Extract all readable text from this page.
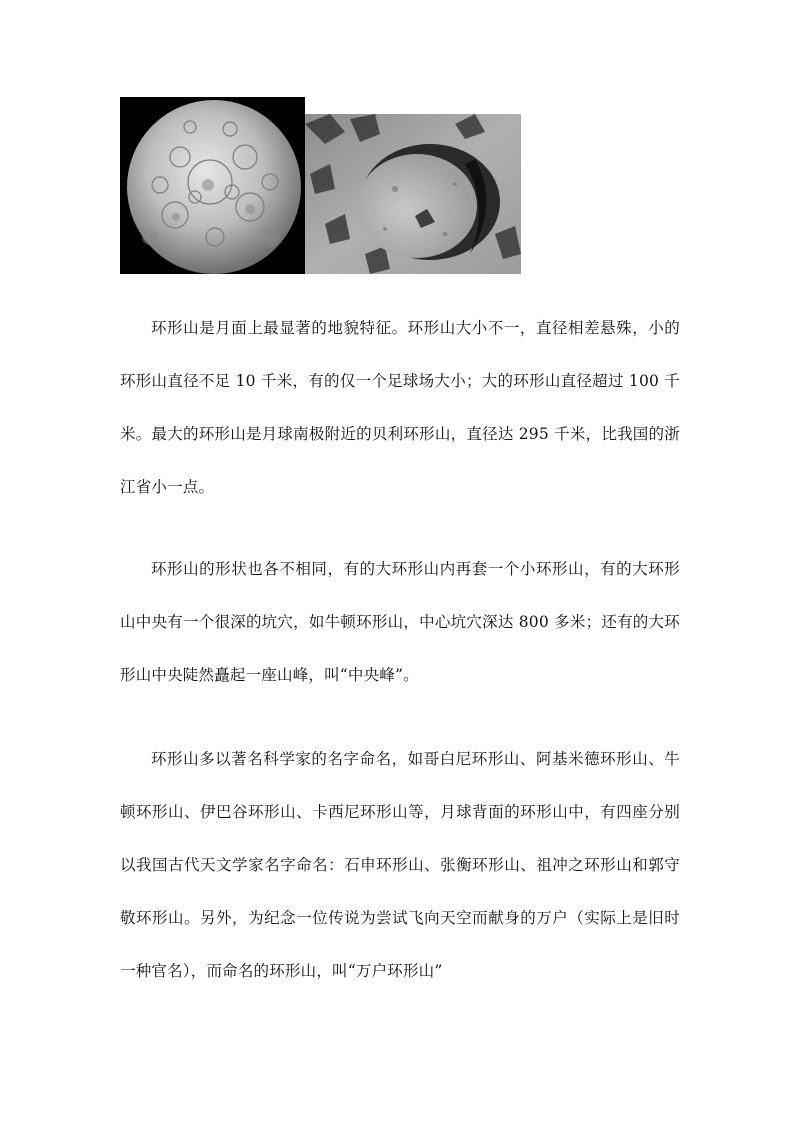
环形山是月面上最显著的地貌特征。环形山大小不一，直径相差悬殊，小的环形山直径不足 10 千米，有的仅一个足球场大小；大的环形山直径超过 100 千米。最大的环形山是月球南极附近的贝利环形山，直径达 295 千米，比我国的浙江省小一点。

环形山的形状也各不相同，有的大环形山内再套一个小环形山，有的大环形山中央有一个很深的坑穴，如牛顿环形山，中心坑穴深达 800 多米；还有的大环形山中央陡然矗起一座山峰，叫“中央峰”。

环形山多以著名科学家的名字命名，如哥白尼环形山、阿基米德环形山、牛顿环形山、伊巴谷环形山、卡西尼环形山等，月球背面的环形山中，有四座分别以我国古代天文学家名字命名：石申环形山、张衡环形山、祖冲之环形山和郭守敬环形山。另外，为纪念一位传说为尝试飞向天空而献身的万户（实际上是旧时一种官名），而命名的环形山，叫“万户环形山”
